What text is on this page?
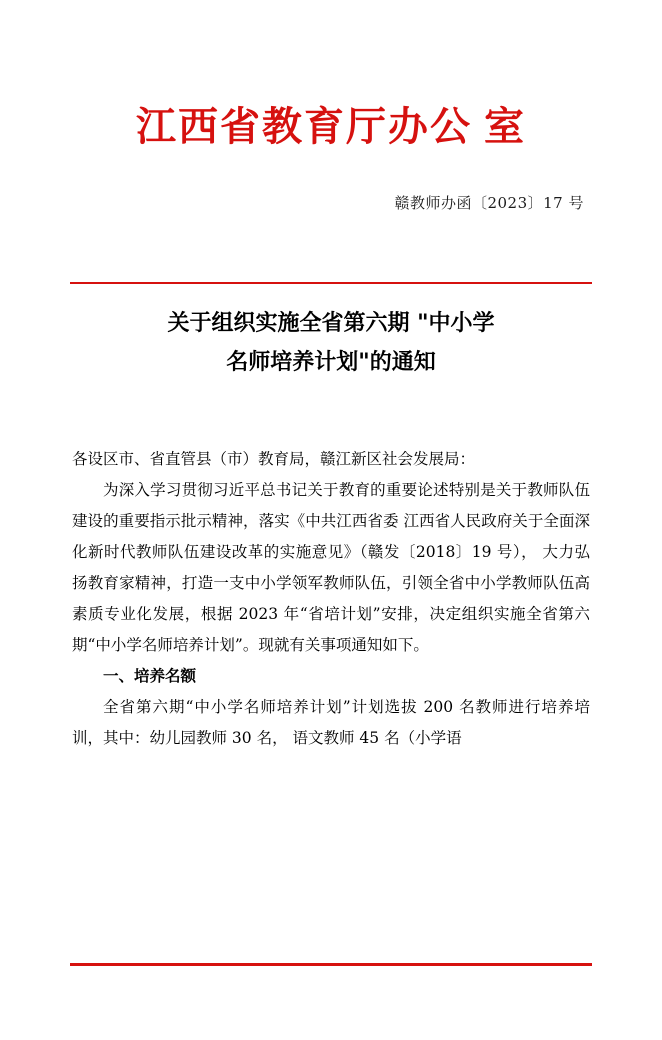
江西省教育厅办公 室
赣教师办函〔2023〕17 号
关于组织实施全省第六期 "中小学
名师培养计划"的通知

各设区市、省直管县（市）教育局，赣江新区社会发展局：

为深入学习贯彻习近平总书记关于教育的重要论述特别是关于教师队伍建设的重要指示批示精神，落实《中共江西省委 江西省人民政府关于全面深化新时代教师队伍建设改革的实施意见》（赣发〔2018〕19 号）， 大力弘扬教育家精神，打造一支中小学领军教师队伍，引领全省中小学教师队伍高素质专业化发展，根据 2023 年“省培计划”安排，决定组织实施全省第六期“中小学名师培养计划”。现就有关事项通知如下。

一、培养名额

全省第六期“中小学名师培养计划”计划选拔 200 名教师进行培养培训，其中：幼儿园教师 30 名， 语文教师 45 名（小学语
